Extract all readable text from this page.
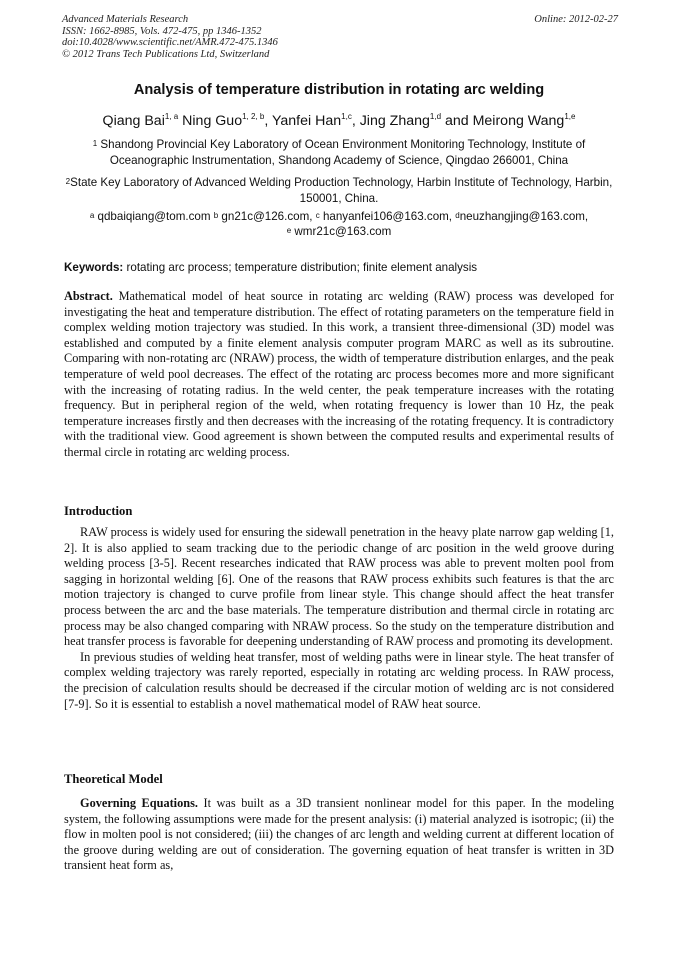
Advanced Materials Research
ISSN: 1662-8985, Vols. 472-475, pp 1346-1352
doi:10.4028/www.scientific.net/AMR.472-475.1346
© 2012 Trans Tech Publications Ltd, Switzerland
Online: 2012-02-27
Analysis of temperature distribution in rotating arc welding
Qiang Bai$^{1, a}$ Ning Guo$^{1, 2, b}$, Yanfei Han$^{1,c}$, Jing Zhang$^{1,d}$ and Meirong Wang$^{1,e}$
$^1$ Shandong Provincial Key Laboratory of Ocean Environment Monitoring Technology, Institute of Oceanographic Instrumentation, Shandong Academy of Science, Qingdao 266001, China
$^2$State Key Laboratory of Advanced Welding Production Technology, Harbin Institute of Technology, Harbin, 150001, China.
$^a$ qdbaiqiang@tom.com $^b$ gn21c@126.com, $^c$ hanyanfei106@163.com, $^d$neuzhangjing@163.com,
$^e$ wmr21c@163.com
Keywords: rotating arc process; temperature distribution; finite element analysis

Abstract. Mathematical model of heat source in rotating arc welding (RAW) process was developed for investigating the heat and temperature distribution. The effect of rotating parameters on the temperature field in complex welding motion trajectory was studied. In this work, a transient three-dimensional (3D) model was established and computed by a finite element analysis computer program MARC as well as its subroutine. Comparing with non-rotating arc (NRAW) process, the width of temperature distribution enlarges, and the peak temperature of weld pool decreases. The effect of the rotating arc process becomes more and more significant with the increasing of rotating radius. In the weld center, the peak temperature increases with the rotating frequency. But in peripheral region of the weld, when rotating frequency is lower than 10 Hz, the peak temperature increases firstly and then decreases with the increasing of the rotating frequency. It is contradictory with the traditional view. Good agreement is shown between the computed results and experimental results of thermal circle in rotating arc welding process.

Introduction

RAW process is widely used for ensuring the sidewall penetration in the heavy plate narrow gap welding [1, 2]. It is also applied to seam tracking due to the periodic change of arc position in the weld groove during welding process [3-5]. Recent researches indicated that RAW process was able to prevent molten pool from sagging in horizontal welding [6]. One of the reasons that RAW process exhibits such features is that the arc motion trajectory is changed to curve profile from linear style. This change should affect the heat transfer process between the arc and the base materials. The temperature distribution and thermal circle in rotating arc process may be also changed comparing with NRAW process. So the study on the temperature distribution and heat transfer process is favorable for deepening understanding of RAW process and promoting its development.

In previous studies of welding heat transfer, most of welding paths were in linear style. The heat transfer of complex welding trajectory was rarely reported, especially in rotating arc welding process. In RAW process, the precision of calculation results should be decreased if the circular motion of welding arc is not considered [7-9]. So it is essential to establish a novel mathematical model of RAW heat source.

Theoretical Model

Governing Equations. It was built as a 3D transient nonlinear model for this paper. In the modeling system, the following assumptions were made for the present analysis: (i) material analyzed is isotropic; (ii) the flow in molten pool is not considered; (iii) the changes of arc length and welding current at different location of the groove during welding are out of consideration. The governing equation of heat transfer is written in 3D transient heat form as,
